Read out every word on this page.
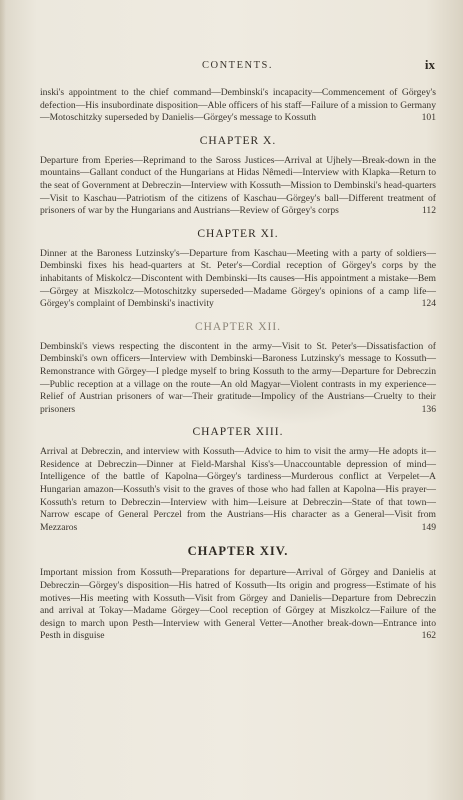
CONTENTS.	ix
inski's appointment to the chief command—Dembinski's incapacity—Commencement of Görgey's defection—His insubordinate disposition—Able officers of his staff—Failure of a mission to Germany—Motoschitzky superseded by Danielis—Görgey's message to Kossuth	101
CHAPTER X.
Departure from Eperies—Reprimand to the Saross Justices—Arrival at Ujhely—Break-down in the mountains—Gallant conduct of the Hungarians at Hidas Nêmedi—Interview with Klapka—Return to the seat of Government at Debreczin—Interview with Kossuth—Mission to Dembinski's head-quarters—Visit to Kaschau—Patriotism of the citizens of Kaschau—Görgey's ball—Different treatment of prisoners of war by the Hungarians and Austrians—Review of Görgey's corps	112
CHAPTER XI.
Dinner at the Baroness Lutzinsky's—Departure from Kaschau—Meeting with a party of soldiers—Dembinski fixes his head-quarters at St. Peter's—Cordial reception of Görgey's corps by the inhabitants of Miskolcz—Discontent with Dembinski—Its causes—His appointment a mistake—Bem—Görgey at Miszkolcz—Motoschitzky superseded—Madame Görgey's opinions of a camp life—Görgey's complaint of Dembinski's inactivity	124
CHAPTER XII.
Dembinski's views respecting the discontent in the army—Visit to St. Peter's—Dissatisfaction of Dembinski's own officers—Interview with Dembinski—Baroness Lutzinsky's message to Kossuth—Remonstrance with Görgey—I pledge myself to bring Kossuth to the army—Departure for Debreczin—Public reception at a village on the route—An old Magyar—Violent contrasts in my experience—Relief of Austrian prisoners of war—Their gratitude—Impolicy of the Austrians—Cruelty to their prisoners	136
CHAPTER XIII.
Arrival at Debreczin, and interview with Kossuth—Advice to him to visit the army—He adopts it—Residence at Debreczin—Dinner at Field-Marshal Kiss's—Unaccountable depression of mind—Intelligence of the battle of Kapolna—Görgey's tardiness—Murderous conflict at Verpelet—A Hungarian amazon—Kossuth's visit to the graves of those who had fallen at Kapolna—His prayer—Kossuth's return to Debreczin—Interview with him—Leisure at Debreczin—State of that town—Narrow escape of General Perczel from the Austrians—His character as a General—Visit from Mezzaros	149
CHAPTER XIV.
Important mission from Kossuth—Preparations for departure—Arrival of Görgey and Danielis at Debreczin—Görgey's disposition—His hatred of Kossuth—Its origin and progress—Estimate of his motives—His meeting with Kossuth—Visit from Görgey and Danielis—Departure from Debreczin and arrival at Tokay—Madame Görgey—Cool reception of Görgey at Miszkolcz—Failure of the design to march upon Pesth—Interview with General Vetter—Another break-down—Entrance into Pesth in disguise	162
